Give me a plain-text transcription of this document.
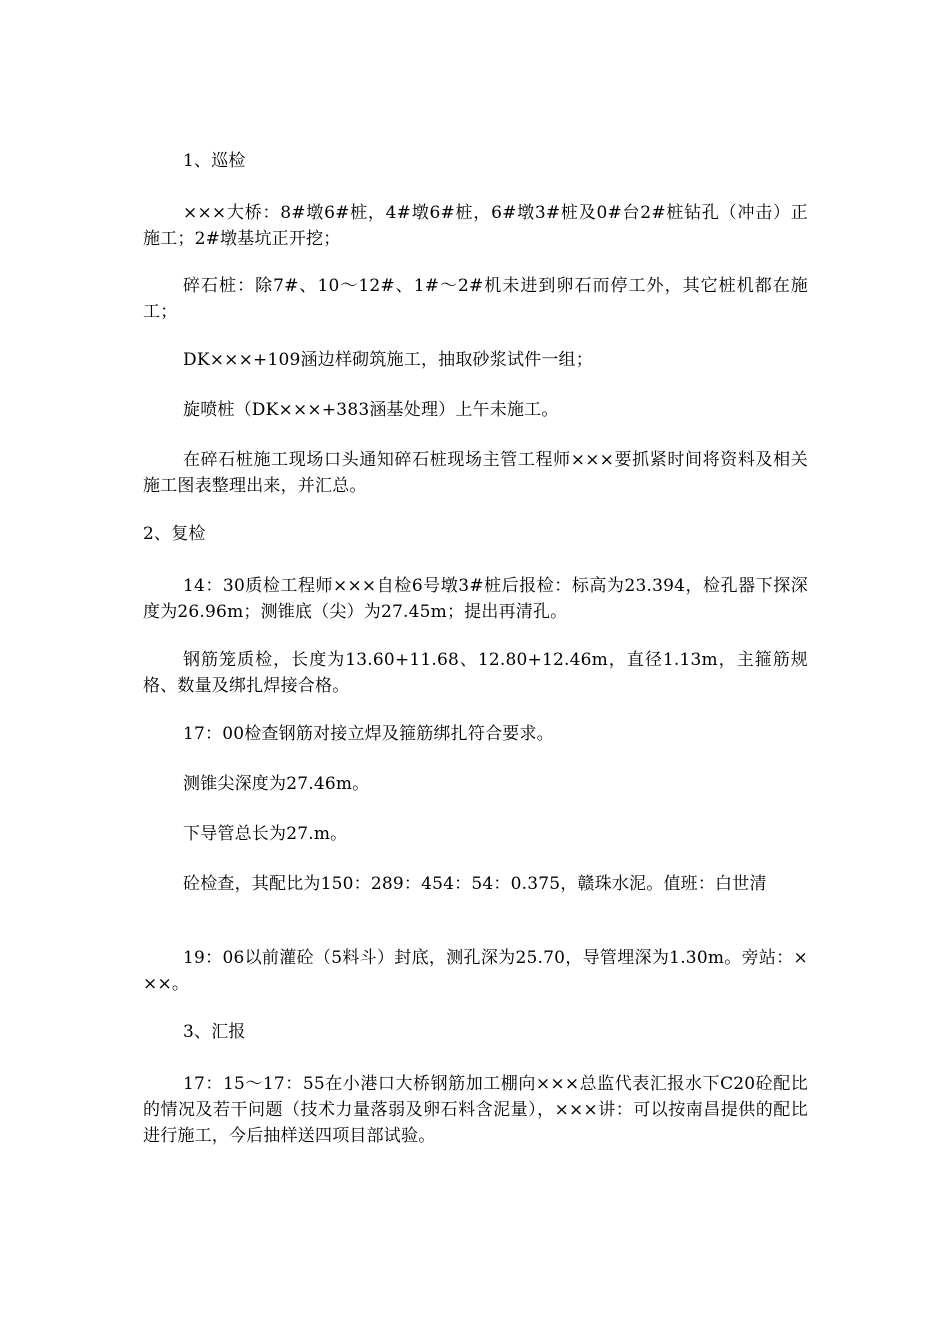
1、巡检
×××大桥：8#墩6#桩，4#墩6#桩，6#墩3#桩及0#台2#桩钻孔（冲击）正施工；2#墩基坑正开挖；
碎石桩：除7#、10～12#、1#～2#机未进到卵石而停工外，其它桩机都在施工；
DK×××+109涵边样砌筑施工，抽取砂浆试件一组；
旋喷桩（DK×××+383涵基处理）上午未施工。
在碎石桩施工现场口头通知碎石桩现场主管工程师×××要抓紧时间将资料及相关施工图表整理出来，并汇总。
2、复检
14：30质检工程师×××自检6号墩3#桩后报检：标高为23.394，检孔器下探深度为26.96m；测锥底（尖）为27.45m；提出再清孔。
钢筋笼质检，长度为13.60+11.68、12.80+12.46m，直径1.13m，主箍筋规格、数量及绑扎焊接合格。
17：00检查钢筋对接立焊及箍筋绑扎符合要求。
测锥尖深度为27.46m。
下导管总长为27.m。
砼检查，其配比为150：289：454：54：0.375，赣珠水泥。值班：白世清
19：06以前灌砼（5料斗）封底，测孔深为25.70，导管埋深为1.30m。旁站：×××。
3、汇报
17：15～17：55在小港口大桥钢筋加工棚向×××总监代表汇报水下C20砼配比的情况及若干问题（技术力量落弱及卵石料含泥量），×××讲：可以按南昌提供的配比进行施工，今后抽样送四项目部试验。
